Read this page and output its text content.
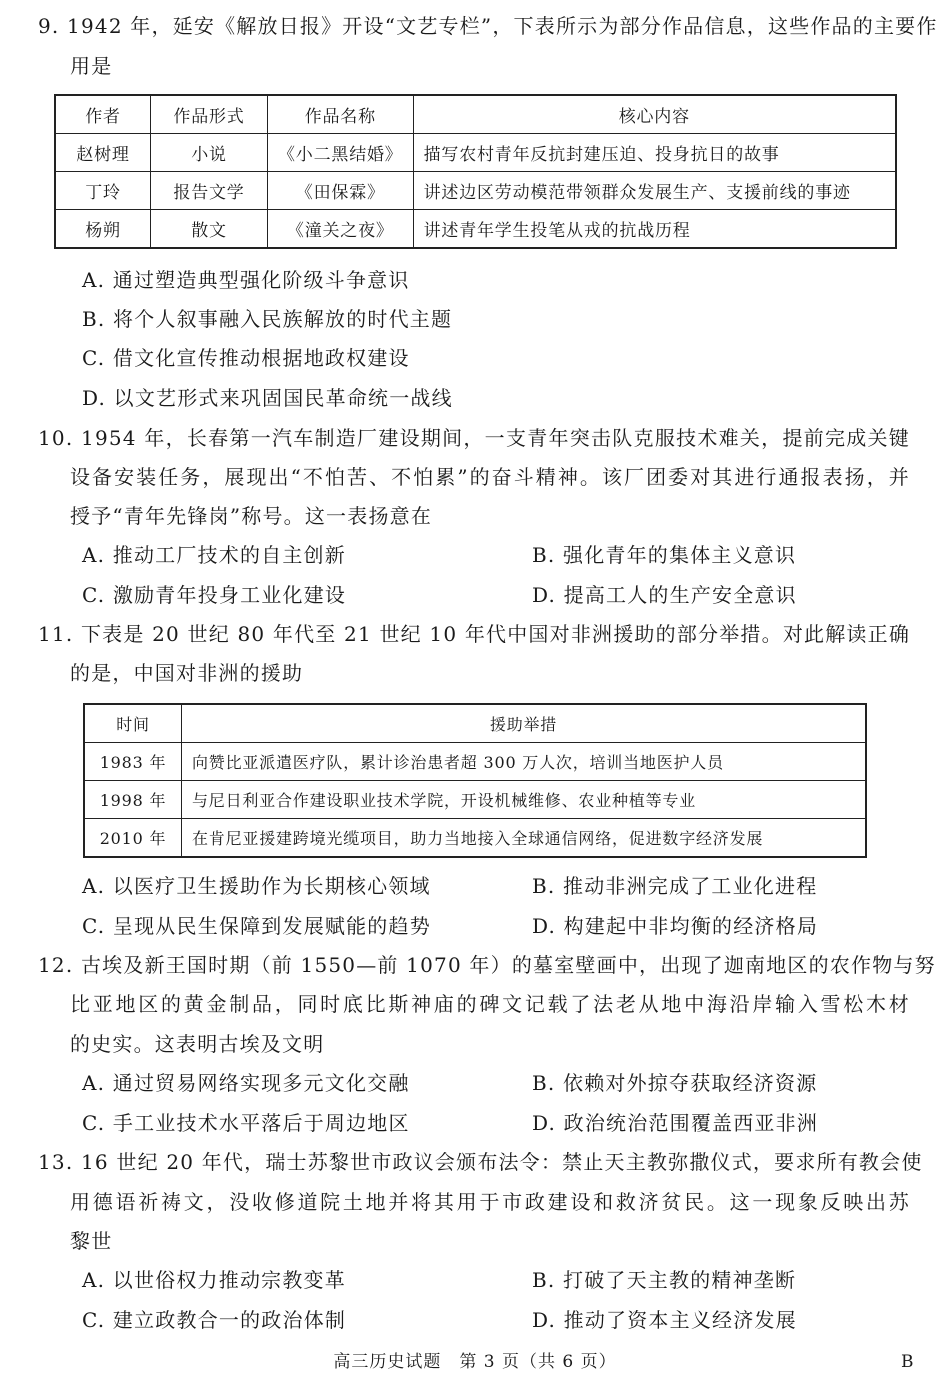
9. 1942 年，延安《解放日报》开设“文艺专栏”，下表所示为部分作品信息，这些作品的主要作
用是
作者	作品形式	作品名称	核心内容
赵树理	小说	《小二黑结婚》	描写农村青年反抗封建压迫、投身抗日的故事
丁玲	报告文学	《田保霖》	讲述边区劳动模范带领群众发展生产、支援前线的事迹
杨朔	散文	《潼关之夜》	讲述青年学生投笔从戎的抗战历程
A. 通过塑造典型强化阶级斗争意识
B. 将个人叙事融入民族解放的时代主题
C. 借文化宣传推动根据地政权建设
D. 以文艺形式来巩固国民革命统一战线
10. 1954 年，长春第一汽车制造厂建设期间，一支青年突击队克服技术难关，提前完成关键
设备安装任务，展现出“不怕苦、不怕累”的奋斗精神。该厂团委对其进行通报表扬，并
授予“青年先锋岗”称号。这一表扬意在
A. 推动工厂技术的自主创新	B. 强化青年的集体主义意识
C. 激励青年投身工业化建设	D. 提高工人的生产安全意识
11. 下表是 20 世纪 80 年代至 21 世纪 10 年代中国对非洲援助的部分举措。对此解读正确
的是，中国对非洲的援助
时间	援助举措
1983 年	向赞比亚派遣医疗队，累计诊治患者超 300 万人次，培训当地医护人员
1998 年	与尼日利亚合作建设职业技术学院，开设机械维修、农业种植等专业
2010 年	在肯尼亚援建跨境光缆项目，助力当地接入全球通信网络，促进数字经济发展
A. 以医疗卫生援助作为长期核心领域	B. 推动非洲完成了工业化进程
C. 呈现从民生保障到发展赋能的趋势	D. 构建起中非均衡的经济格局
12. 古埃及新王国时期（前 1550—前 1070 年）的墓室壁画中，出现了迦南地区的农作物与努
比亚地区的黄金制品，同时底比斯神庙的碑文记载了法老从地中海沿岸输入雪松木材
的史实。这表明古埃及文明
A. 通过贸易网络实现多元文化交融	B. 依赖对外掠夺获取经济资源
C. 手工业技术水平落后于周边地区	D. 政治统治范围覆盖西亚非洲
13. 16 世纪 20 年代，瑞士苏黎世市政议会颁布法令：禁止天主教弥撒仪式，要求所有教会使
用德语祈祷文，没收修道院土地并将其用于市政建设和救济贫民。这一现象反映出苏
黎世
A. 以世俗权力推动宗教变革	B. 打破了天主教的精神垄断
C. 建立政教合一的政治体制	D. 推动了资本主义经济发展
高三历史试题　第 3 页（共 6 页）	B
